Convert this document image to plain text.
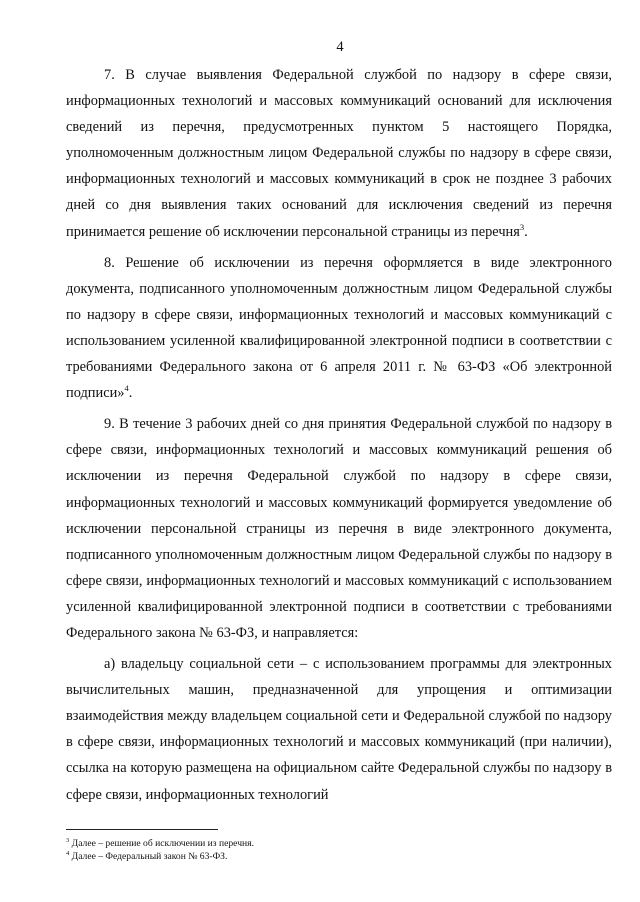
4

7. В случае выявления Федеральной службой по надзору в сфере связи, информационных технологий и массовых коммуникаций оснований для исключения сведений из перечня, предусмотренных пунктом 5 настоящего Порядка, уполномоченным должностным лицом Федеральной службы по надзору в сфере связи, информационных технологий и массовых коммуникаций в срок не позднее 3 рабочих дней со дня выявления таких оснований для исключения сведений из перечня принимается решение об исключении персональной страницы из перечня$^3$.

8. Решение об исключении из перечня оформляется в виде электронного документа, подписанного уполномоченным должностным лицом Федеральной службы по надзору в сфере связи, информационных технологий и массовых коммуникаций с использованием усиленной квалифицированной электронной подписи в соответствии с требованиями Федерального закона от 6 апреля 2011 г. № 63-ФЗ «Об электронной подписи»$^4$.

9. В течение 3 рабочих дней со дня принятия Федеральной службой по надзору в сфере связи, информационных технологий и массовых коммуникаций решения об исключении из перечня Федеральной службой по надзору в сфере связи, информационных технологий и массовых коммуникаций формируется уведомление об исключении персональной страницы из перечня в виде электронного документа, подписанного уполномоченным должностным лицом Федеральной службы по надзору в сфере связи, информационных технологий и массовых коммуникаций с использованием усиленной квалифицированной электронной подписи в соответствии с требованиями Федерального закона № 63-ФЗ, и направляется:

а) владельцу социальной сети – с использованием программы для электронных вычислительных машин, предназначенной для упрощения и оптимизации взаимодействия между владельцем социальной сети и Федеральной службой по надзору в сфере связи, информационных технологий и массовых коммуникаций (при наличии), ссылка на которую размещена на официальном сайте Федеральной службы по надзору в сфере связи, информационных технологий

$^3$ Далее – решение об исключении из перечня.
$^4$ Далее – Федеральный закон № 63-ФЗ.
